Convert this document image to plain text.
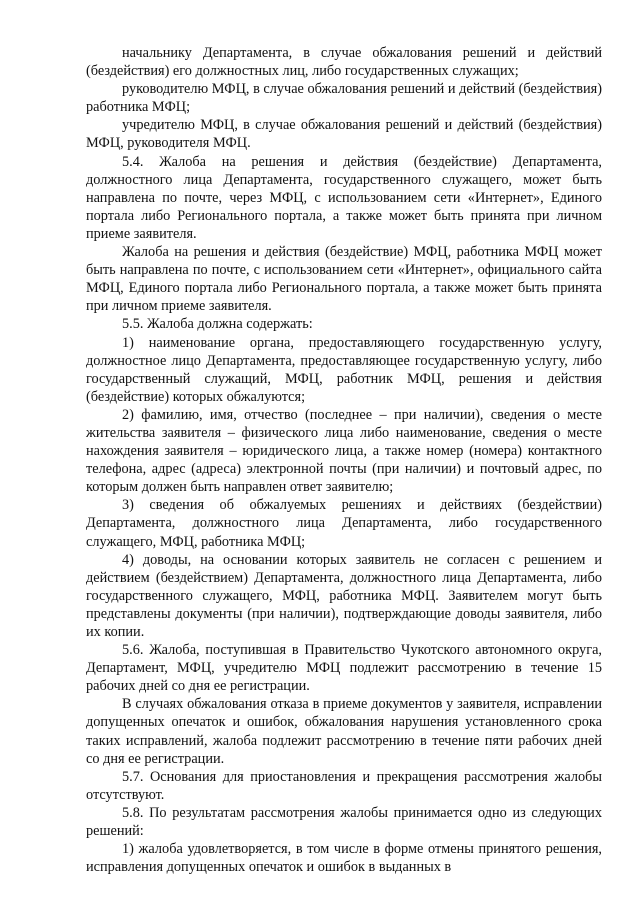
начальнику Департамента, в случае обжалования решений и действий (бездействия) его должностных лиц, либо государственных служащих;

руководителю МФЦ, в случае обжалования решений и действий (бездействия) работника МФЦ;

учредителю МФЦ, в случае обжалования решений и действий (бездействия) МФЦ, руководителя МФЦ.

5.4. Жалоба на решения и действия (бездействие) Департамента, должностного лица Департамента, государственного служащего, может быть направлена по почте, через МФЦ, с использованием сети «Интернет», Единого портала либо Регионального портала, а также может быть принята при личном приеме заявителя.

Жалоба на решения и действия (бездействие) МФЦ, работника МФЦ может быть направлена по почте, с использованием сети «Интернет», официального сайта МФЦ, Единого портала либо Регионального портала, а также может быть принята при личном приеме заявителя.

5.5. Жалоба должна содержать:

1) наименование органа, предоставляющего государственную услугу, должностное лицо Департамента, предоставляющее государственную услугу, либо государственный служащий, МФЦ, работник МФЦ, решения и действия (бездействие) которых обжалуются;

2) фамилию, имя, отчество (последнее – при наличии), сведения о месте жительства заявителя – физического лица либо наименование, сведения о месте нахождения заявителя – юридического лица, а также номер (номера) контактного телефона, адрес (адреса) электронной почты (при наличии) и почтовый адрес, по которым должен быть направлен ответ заявителю;

3) сведения об обжалуемых решениях и действиях (бездействии) Департамента, должностного лица Департамента, либо государственного служащего, МФЦ, работника МФЦ;

4) доводы, на основании которых заявитель не согласен с решением и действием (бездействием) Департамента, должностного лица Департамента, либо государственного служащего, МФЦ, работника МФЦ. Заявителем могут быть представлены документы (при наличии), подтверждающие доводы заявителя, либо их копии.

5.6. Жалоба, поступившая в Правительство Чукотского автономного округа, Департамент, МФЦ, учредителю МФЦ подлежит рассмотрению в течение 15 рабочих дней со дня ее регистрации.

В случаях обжалования отказа в приеме документов у заявителя, исправлении допущенных опечаток и ошибок, обжалования нарушения установленного срока таких исправлений, жалоба подлежит рассмотрению в течение пяти рабочих дней со дня ее регистрации.

5.7. Основания для приостановления и прекращения рассмотрения жалобы отсутствуют.

5.8. По результатам рассмотрения жалобы принимается одно из следующих решений:

1) жалоба удовлетворяется, в том числе в форме отмены принятого решения, исправления допущенных опечаток и ошибок в выданных в
